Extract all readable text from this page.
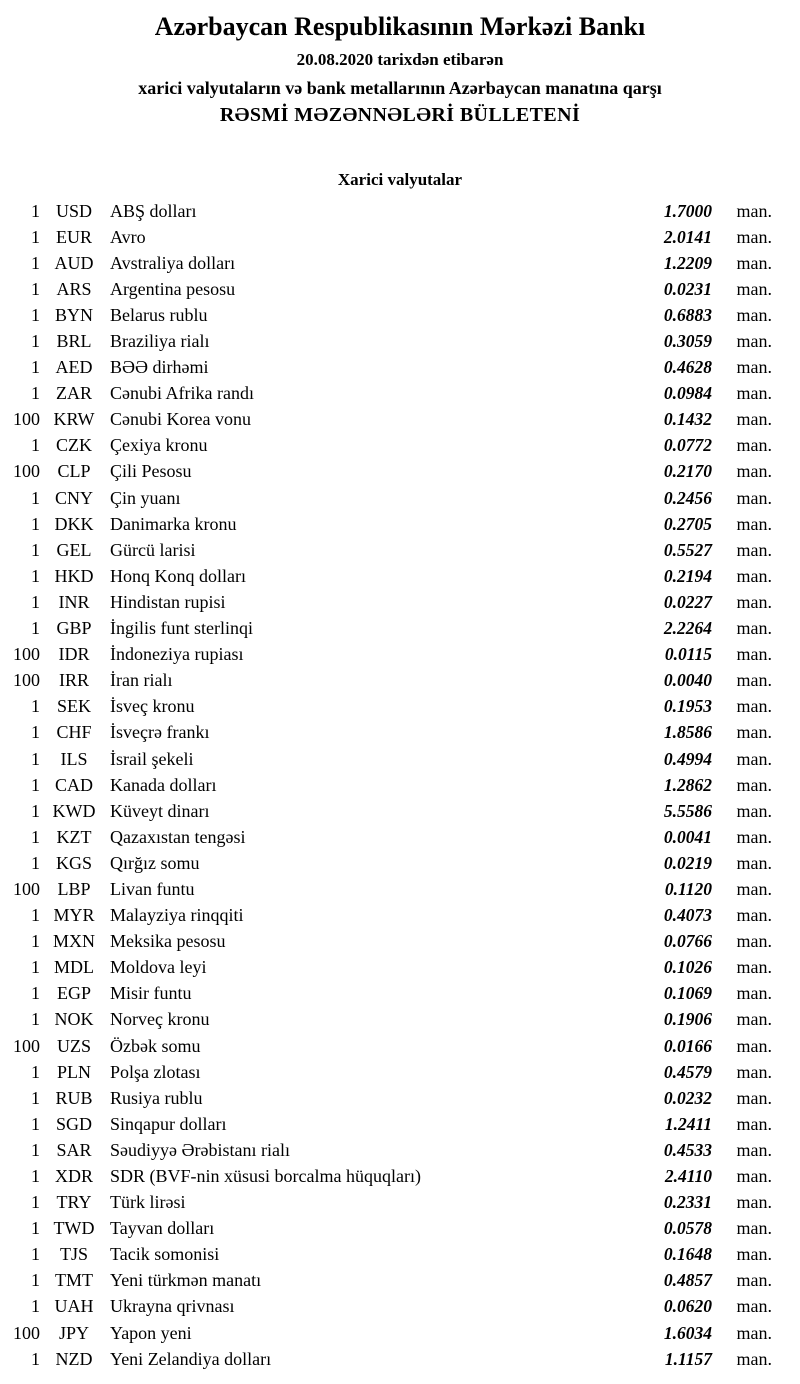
Azərbaycan Respublikasının Mərkəzi Bankı
20.08.2020 tarixdən etibarən
xarici valyutaların və bank metallarının Azərbaycan manatına qarşı
RƏSMİ MƏZƏNNƏLƏRİ BÜLLETENİ
Xarici valyutalar
1 USD	ABŞ dolları	1.7000	man.
1 EUR	Avro	2.0141	man.
1 AUD Avstraliya dolları	1.2209	man.
1 ARS	Argentina pesosu	0.0231	man.
1 BYN Belarus rublu	0.6883	man.
1 BRL	Braziliya rialı	0.3059	man.
1 AED BƏƏ dirhəmi	0.4628	man.
1 ZAR	Cənubi Afrika randı	0.0984	man.
100 KRW Cənubi Korea vonu	0.1432	man.
1 CZK	Çexiya kronu	0.0772	man.
100 CLP	Çili Pesosu	0.2170	man.
1 CNY Çin yuanı	0.2456	man.
1 DKK Danimarka kronu	0.2705	man.
1 GEL	Gürcü larisi	0.5527	man.
1 HKD Honq Konq dolları	0.2194	man.
1	INR	Hindistan rupisi	0.0227	man.
1 GBP	İngilis funt sterlinqi	2.2264	man.
100	IDR	İndoneziya rupiası	0.0115	man.
100	IRR	İran rialı	0.0040	man.
1 SEK	İsveç kronu	0.1953	man.
1 CHF	İsveçrə frankı	1.8586	man.
1	ILS	İsrail şekeli	0.4994	man.
1 CAD Kanada dolları	1.2862	man.
1 KWD Küveyt dinarı	5.5586	man.
1 KZT	Qazaxıstan tengəsi	0.0041	man.
1 KGS	Qırğız somu	0.0219	man.
100 LBP	Livan funtu	0.1120	man.
1 MYR Malayziya rinqqiti	0.4073	man.
1 MXN Meksika pesosu	0.0766	man.
1 MDL Moldova leyi	0.1026	man.
1 EGP	Misir funtu	0.1069	man.
1 NOK Norveç kronu	0.1906	man.
100 UZS	Özbək somu	0.0166	man.
1 PLN	Polşa zlotası	0.4579	man.
1 RUB Rusiya rublu	0.0232	man.
1 SGD	Sinqapur dolları	1.2411	man.
1 SAR	Səudiyyə Ərəbistanı rialı	0.4533	man.
1 XDR SDR (BVF-nin xüsusi borcalma hüquqları)	2.4110	man.
1 TRY	Türk lirəsi	0.2331	man.
1 TWD Tayvan dolları	0.0578	man.
1	TJS	Tacik somonisi	0.1648	man.
1 TMT Yeni türkmən manatı	0.4857	man.
1 UAH Ukrayna qrivnası	0.0620	man.
100	JPY	Yapon yeni	1.6034	man.
1 NZD Yeni Zelandiya dolları	1.1157	man.
